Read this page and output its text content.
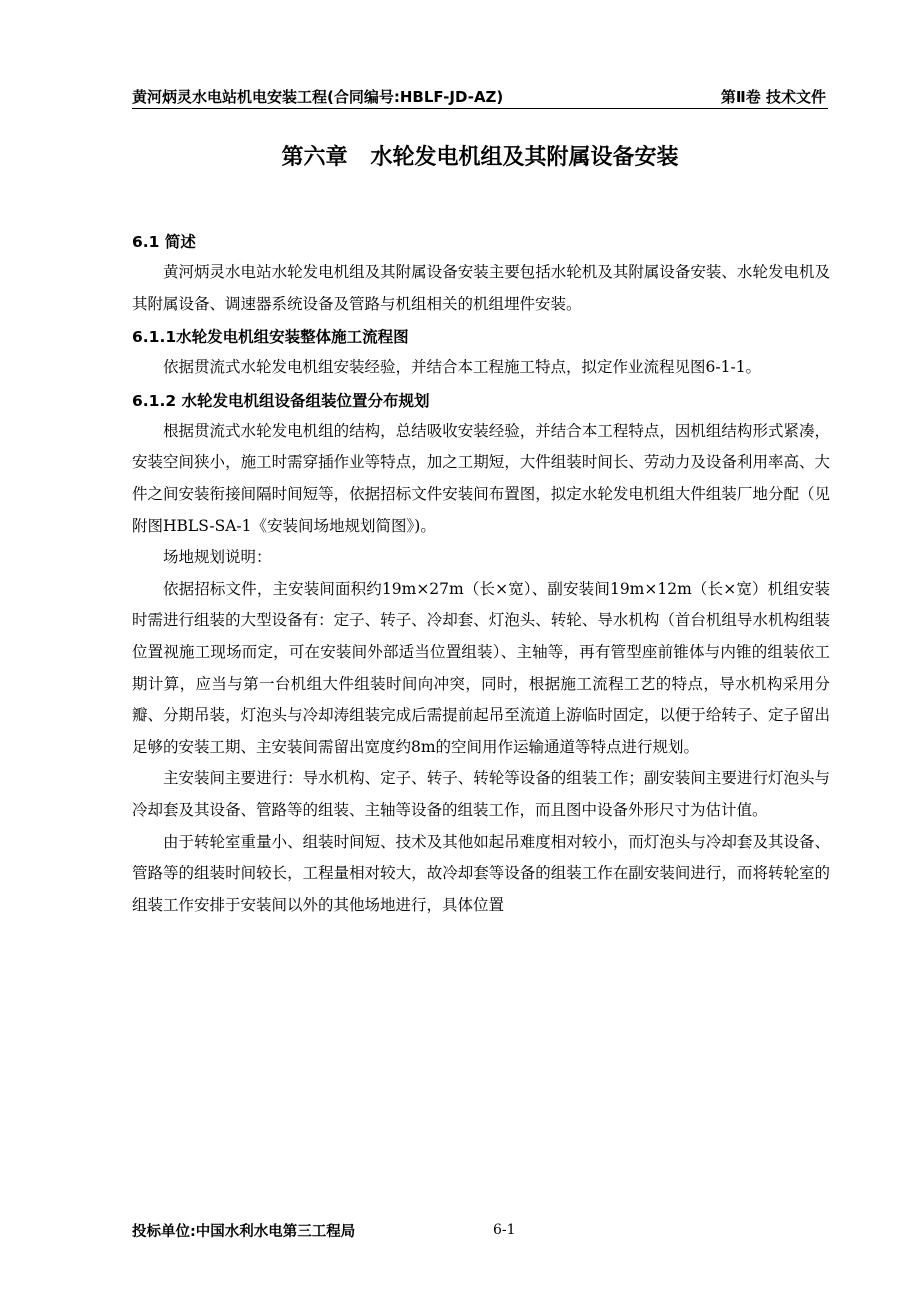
黄河炳灵水电站机电安装工程(合同编号:HBLF-JD-AZ)	第Ⅱ卷 技术文件
第六章   水轮发电机组及其附属设备安装
6.1 简述

黄河炳灵水电站水轮发电机组及其附属设备安装主要包括水轮机及其附属设备安装、水轮发电机及其附属设备、调速器系统设备及管路与机组相关的机组埋件安装。

6.1.1水轮发电机组安装整体施工流程图

依据贯流式水轮发电机组安装经验，并结合本工程施工特点，拟定作业流程见图6-1-1。

6.1.2 水轮发电机组设备组装位置分布规划

根据贯流式水轮发电机组的结构，总结吸收安装经验，并结合本工程特点，因机组结构形式紧凑，安装空间狭小，施工时需穿插作业等特点，加之工期短，大件组装时间长、劳动力及设备利用率高、大件之间安装衔接间隔时间短等，依据招标文件安装间布置图，拟定水轮发电机组大件组装厂地分配（见附图HBLS-SA-1《安装间场地规划简图》)。

场地规划说明：

依据招标文件，主安装间面积约19m×27m（长×宽）、副安装间19m×12m（长×宽）机组安装时需进行组装的大型设备有：定子、转子、冷却套、灯泡头、转轮、导水机构（首台机组导水机构组装位置视施工现场而定，可在安装间外部适当位置组装）、主轴等，再有管型座前锥体与内锥的组装依工期计算，应当与第一台机组大件组装时间向冲突，同时，根据施工流程工艺的特点，导水机构采用分瓣、分期吊装，灯泡头与冷却涛组装完成后需提前起吊至流道上游临时固定，以便于给转子、定子留出足够的安装工期、主安装间需留出宽度约8m的空间用作运输通道等特点进行规划。

主安装间主要进行：导水机构、定子、转子、转轮等设备的组装工作；副安装间主要进行灯泡头与冷却套及其设备、管路等的组装、主轴等设备的组装工作，而且图中设备外形尺寸为估计值。

由于转轮室重量小、组装时间短、技术及其他如起吊难度相对较小，而灯泡头与冷却套及其设备、管路等的组装时间较长，工程量相对较大，故冷却套等设备的组装工作在副安装间进行，而将转轮室的组装工作安排于安装间以外的其他场地进行，具体位置

投标单位:中国水利水电第三工程局	6-1
